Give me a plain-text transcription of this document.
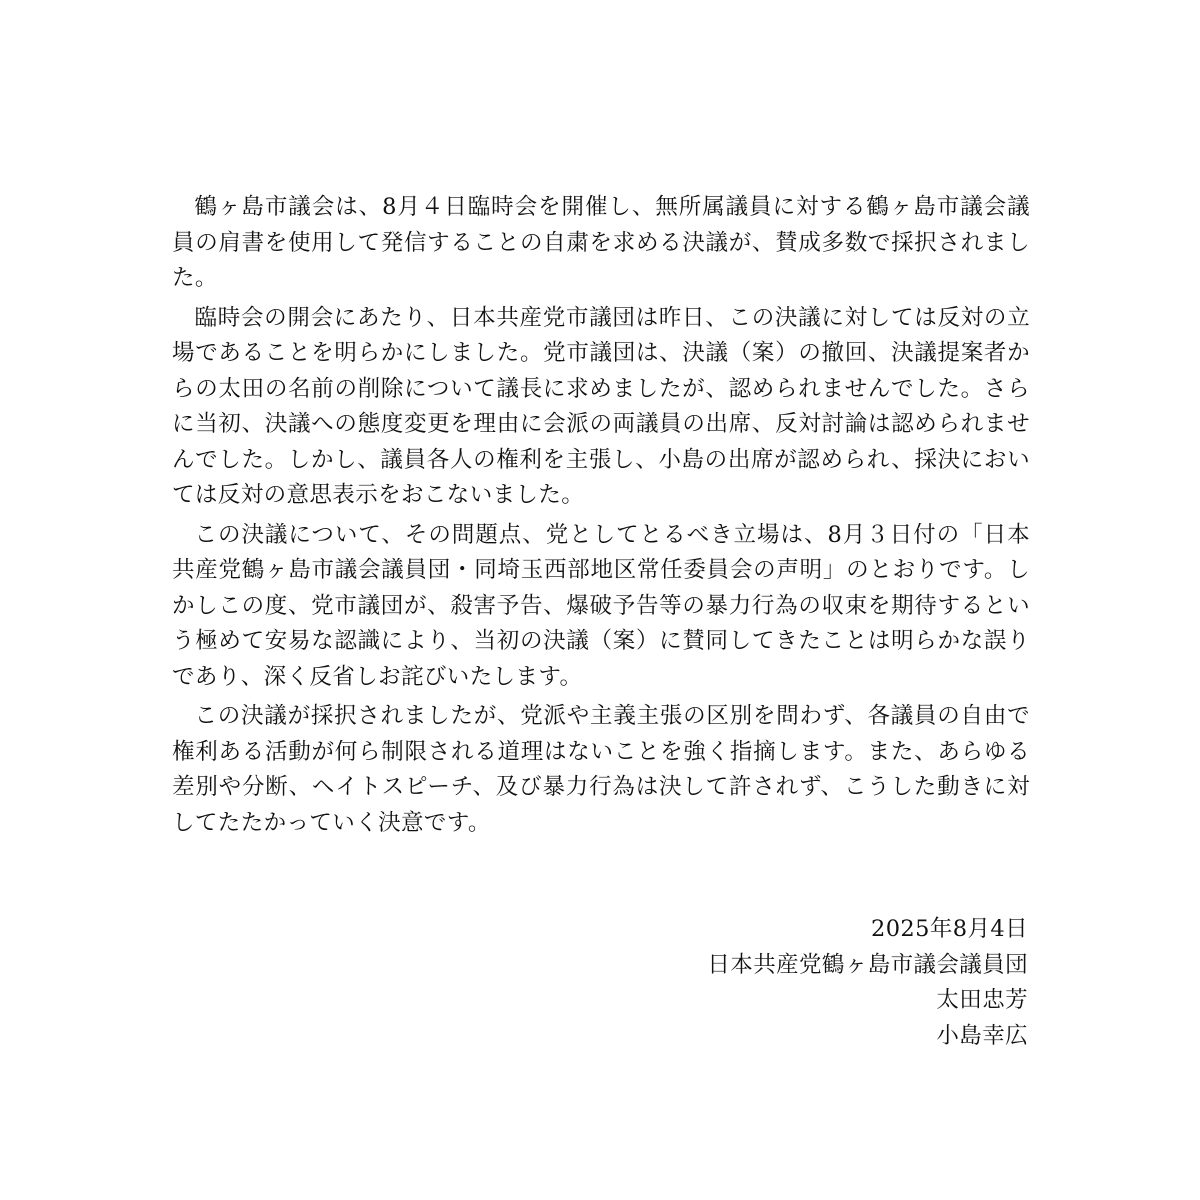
鶴ヶ島市議会は、8月４日臨時会を開催し、無所属議員に対する鶴ヶ島市議会議員の肩書を使用して発信することの自粛を求める決議が、賛成多数で採択されました。

臨時会の開会にあたり、日本共産党市議団は昨日、この決議に対しては反対の立場であることを明らかにしました。党市議団は、決議（案）の撤回、決議提案者からの太田の名前の削除について議長に求めましたが、認められませんでした。さらに当初、決議への態度変更を理由に会派の両議員の出席、反対討論は認められませんでした。しかし、議員各人の権利を主張し、小島の出席が認められ、採決においては反対の意思表示をおこないました。

この決議について、その問題点、党としてとるべき立場は、8月３日付の「日本共産党鶴ヶ島市議会議員団・同埼玉西部地区常任委員会の声明」のとおりです。しかしこの度、党市議団が、殺害予告、爆破予告等の暴力行為の収束を期待するという極めて安易な認識により、当初の決議（案）に賛同してきたことは明らかな誤りであり、深く反省しお詫びいたします。

この決議が採択されましたが、党派や主義主張の区別を問わず、各議員の自由で権利ある活動が何ら制限される道理はないことを強く指摘します。また、あらゆる差別や分断、ヘイトスピーチ、及び暴力行為は決して許されず、こうした動きに対してたたかっていく決意です。

2025年8月4日
日本共産党鶴ヶ島市議会議員団
太田忠芳
小島幸広
